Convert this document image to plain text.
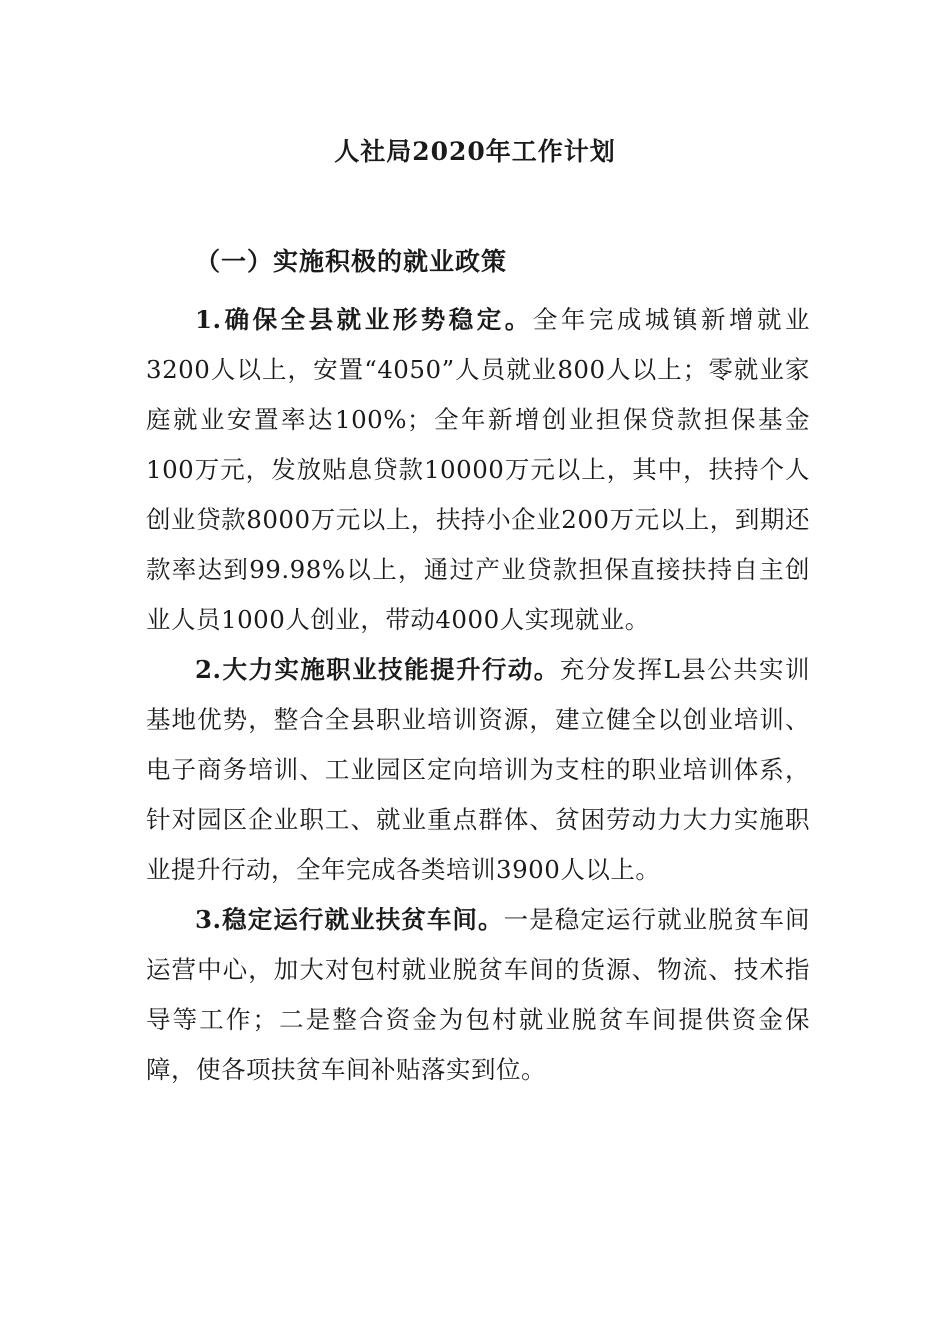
人社局2020年工作计划
（一）实施积极的就业政策

1.确保全县就业形势稳定。全年完成城镇新增就业3200人以上，安置“4050”人员就业800人以上；零就业家庭就业安置率达100%；全年新增创业担保贷款担保基金100万元，发放贴息贷款10000万元以上，其中，扶持个人创业贷款8000万元以上，扶持小企业200万元以上，到期还款率达到99.98%以上，通过产业贷款担保直接扶持自主创业人员1000人创业，带动4000人实现就业。

2.大力实施职业技能提升行动。充分发挥L县公共实训基地优势，整合全县职业培训资源，建立健全以创业培训、电子商务培训、工业园区定向培训为支柱的职业培训体系，针对园区企业职工、就业重点群体、贫困劳动力大力实施职业提升行动，全年完成各类培训3900人以上。

3.稳定运行就业扶贫车间。一是稳定运行就业脱贫车间运营中心，加大对包村就业脱贫车间的货源、物流、技术指导等工作；二是整合资金为包村就业脱贫车间提供资金保障，使各项扶贫车间补贴落实到位。
